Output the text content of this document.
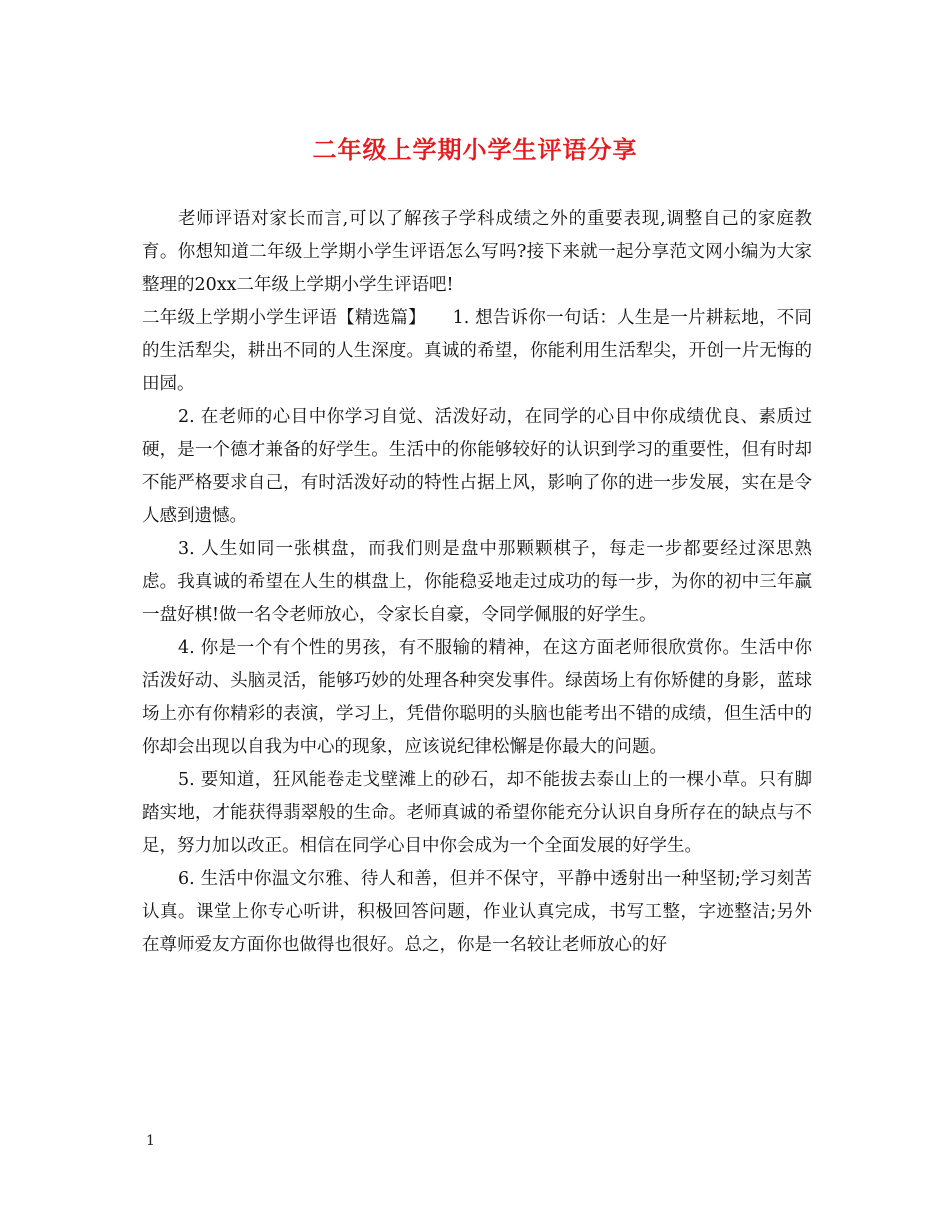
二年级上学期小学生评语分享

老师评语对家长而言,可以了解孩子学科成绩之外的重要表现,调整自己的家庭教育。你想知道二年级上学期小学生评语怎么写吗?接下来就一起分享范文网小编为大家整理的20xx二年级上学期小学生评语吧!

二年级上学期小学生评语【精选篇】　　1. 想告诉你一句话：人生是一片耕耘地，不同的生活犁尖，耕出不同的人生深度。真诚的希望，你能利用生活犁尖，开创一片无悔的田园。

2. 在老师的心目中你学习自觉、活泼好动，在同学的心目中你成绩优良、素质过硬，是一个德才兼备的好学生。生活中的你能够较好的认识到学习的重要性，但有时却不能严格要求自己，有时活泼好动的特性占据上风，影响了你的进一步发展，实在是令人感到遗憾。

3. 人生如同一张棋盘，而我们则是盘中那颗颗棋子，每走一步都要经过深思熟虑。我真诚的希望在人生的棋盘上，你能稳妥地走过成功的每一步，为你的初中三年赢一盘好棋!做一名令老师放心，令家长自豪，令同学佩服的好学生。

4. 你是一个有个性的男孩，有不服输的精神，在这方面老师很欣赏你。生活中你活泼好动、头脑灵活，能够巧妙的处理各种突发事件。绿茵场上有你矫健的身影，蓝球场上亦有你精彩的表演，学习上，凭借你聪明的头脑也能考出不错的成绩，但生活中的你却会出现以自我为中心的现象，应该说纪律松懈是你最大的问题。

5. 要知道，狂风能卷走戈壁滩上的砂石，却不能拔去泰山上的一棵小草。只有脚踏实地，才能获得翡翠般的生命。老师真诚的希望你能充分认识自身所存在的缺点与不足，努力加以改正。相信在同学心目中你会成为一个全面发展的好学生。

6. 生活中你温文尔雅、待人和善，但并不保守，平静中透射出一种坚韧;学习刻苦认真。课堂上你专心听讲，积极回答问题，作业认真完成，书写工整，字迹整洁;另外在尊师爱友方面你也做得也很好。总之，你是一名较让老师放心的好

1
